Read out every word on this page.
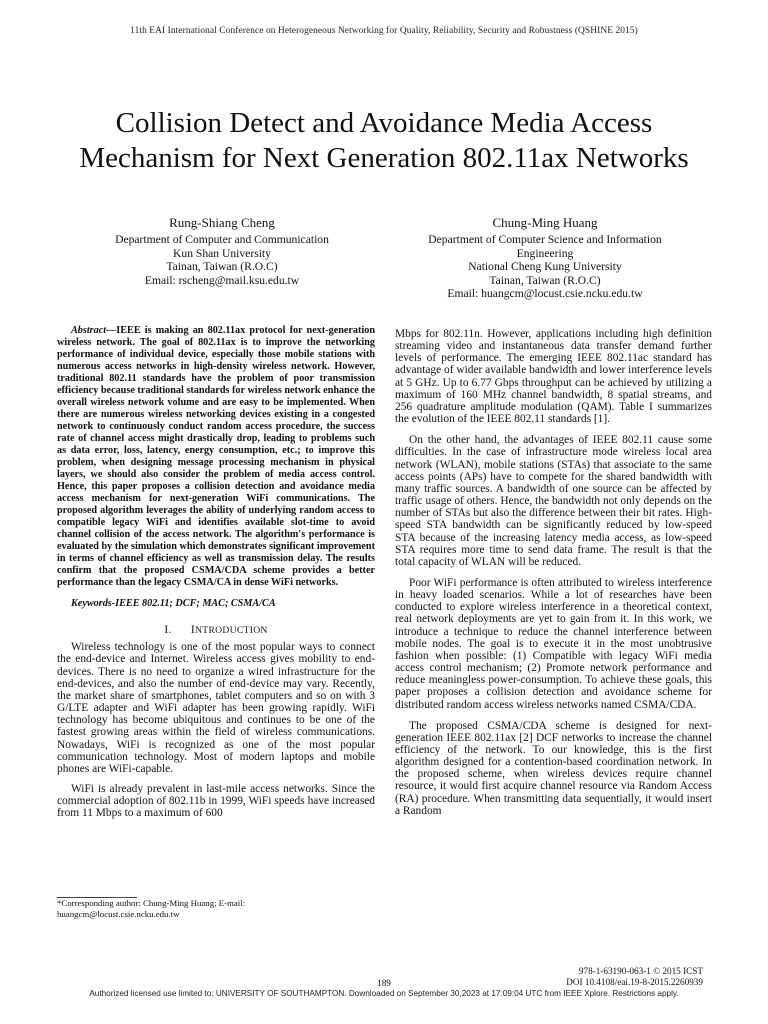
11th EAI International Conference on Heterogeneous Networking for Quality, Reliability, Security and Robustness (QSHINE 2015)
Collision Detect and Avoidance Media Access
Mechanism for Next Generation 802.11ax Networks
Rung-Shiang Cheng
Department of Computer and Communication
Kun Shan University
Tainan, Taiwan (R.O.C)
Email: rscheng@mail.ksu.edu.tw
Chung-Ming Huang
Department of Computer Science and Information
Engineering
National Cheng Kung University
Tainan, Taiwan (R.O.C)
Email: huangcm@locust.csie.ncku.edu.tw

Abstract—IEEE is making an 802.11ax protocol for next-generation wireless network. The goal of 802.11ax is to improve the networking performance of individual device, especially those mobile stations with numerous access networks in high-density wireless network. However, traditional 802.11 standards have the problem of poor transmission efficiency because traditional standards for wireless network enhance the overall wireless network volume and are easy to be implemented. When there are numerous wireless networking devices existing in a congested network to continuously conduct random access procedure, the success rate of channel access might drastically drop, leading to problems such as data error, loss, latency, energy consumption, etc.; to improve this problem, when designing message processing mechanism in physical layers, we should also consider the problem of media access control. Hence, this paper proposes a collision detection and avoidance media access mechanism for next-generation WiFi communications. The proposed algorithm leverages the ability of underlying random access to compatible legacy WiFi and identifies available slot-time to avoid channel collision of the access network. The algorithm's performance is evaluated by the simulation which demonstrates significant improvement in terms of channel efficiency as well as transmission delay. The results confirm that the proposed CSMA/CDA scheme provides a better performance than the legacy CSMA/CA in dense WiFi networks.

Keywords-IEEE 802.11; DCF; MAC; CSMA/CA

I. INTRODUCTION

Wireless technology is one of the most popular ways to connect the end-device and Internet. Wireless access gives mobility to end-devices. There is no need to organize a wired infrastructure for the end-devices, and also the number of end-device may vary. Recently, the market share of smartphones, tablet computers and so on with 3 G/LTE adapter and WiFi adapter has been growing rapidly. WiFi technology has become ubiquitous and continues to be one of the fastest growing areas within the field of wireless communications. Nowadays, WiFi is recognized as one of the most popular communication technology. Most of modern laptops and mobile phones are WiFi-capable.

WiFi is already prevalent in last-mile access networks. Since the commercial adoption of 802.11b in 1999, WiFi speeds have increased from 11 Mbps to a maximum of 600

Mbps for 802.11n. However, applications including high definition streaming video and instantaneous data transfer demand further levels of performance. The emerging IEEE 802.11ac standard has advantage of wider available bandwidth and lower interference levels at 5 GHz. Up to 6.77 Gbps throughput can be achieved by utilizing a maximum of 160 MHz channel bandwidth, 8 spatial streams, and 256 quadrature amplitude modulation (QAM). Table I summarizes the evolution of the IEEE 802.11 standards [1].

On the other hand, the advantages of IEEE 802.11 cause some difficulties. In the case of infrastructure mode wireless local area network (WLAN), mobile stations (STAs) that associate to the same access points (APs) have to compete for the shared bandwidth with many traffic sources. A bandwidth of one source can be affected by traffic usage of others. Hence, the bandwidth not only depends on the number of STAs but also the difference between their bit rates. High-speed STA bandwidth can be significantly reduced by low-speed STA because of the increasing latency media access, as low-speed STA requires more time to send data frame. The result is that the total capacity of WLAN will be reduced.

Poor WiFi performance is often attributed to wireless interference in heavy loaded scenarios. While a lot of researches have been conducted to explore wireless interference in a theoretical context, real network deployments are yet to gain from it. In this work, we introduce a technique to reduce the channel interference between mobile nodes. The goal is to execute it in the most unobtrusive fashion when possible: (1) Compatible with legacy WiFi media access control mechanism; (2) Promote network performance and reduce meaningless power-consumption. To achieve these goals, this paper proposes a collision detection and avoidance scheme for distributed random access wireless networks named CSMA/CDA.

The proposed CSMA/CDA scheme is designed for next-generation IEEE 802.11ax [2] DCF networks to increase the channel efficiency of the network. To our knowledge, this is the first algorithm designed for a contention-based coordination network. In the proposed scheme, when wireless devices require channel resource, it would first acquire channel resource via Random Access (RA) procedure. When transmitting data sequentially, it would insert a Random

*Corresponding author: Chung-Ming Huang; E-mail:
huangcm@locust.csie.ncku.edu.tw
978-1-63190-063-1 © 2015 ICST
DOI 10.4108/eai.19-8-2015.2260939
189
Authorized licensed use limited to: UNIVERSITY OF SOUTHAMPTON. Downloaded on September 30,2023 at 17:09:04 UTC from IEEE Xplore. Restrictions apply.
